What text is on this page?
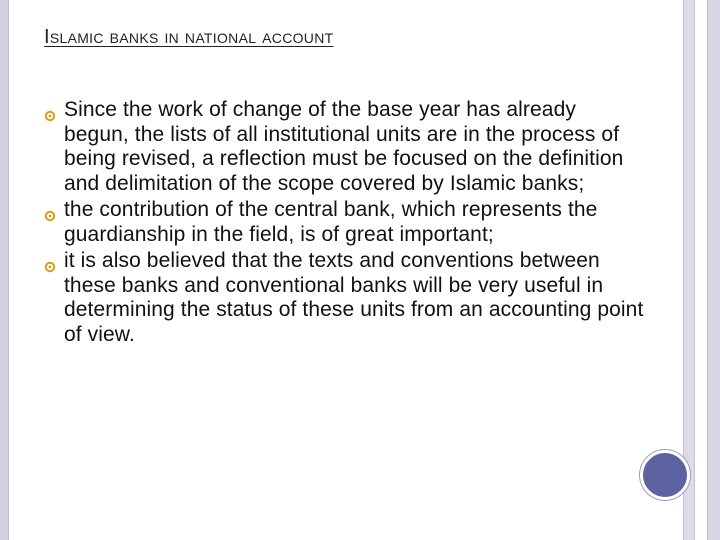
Islamic banks in national account
Since the work of change of the base year has already begun, the lists of all institutional units are in the process of being revised, a reflection must be focused on the definition and delimitation of the scope covered by Islamic banks;
the contribution of the central bank, which represents the guardianship in the field, is of great important;
it is also believed that the texts and conventions between these banks and conventional banks will be very useful in determining the status of these units from an accounting point of view.
